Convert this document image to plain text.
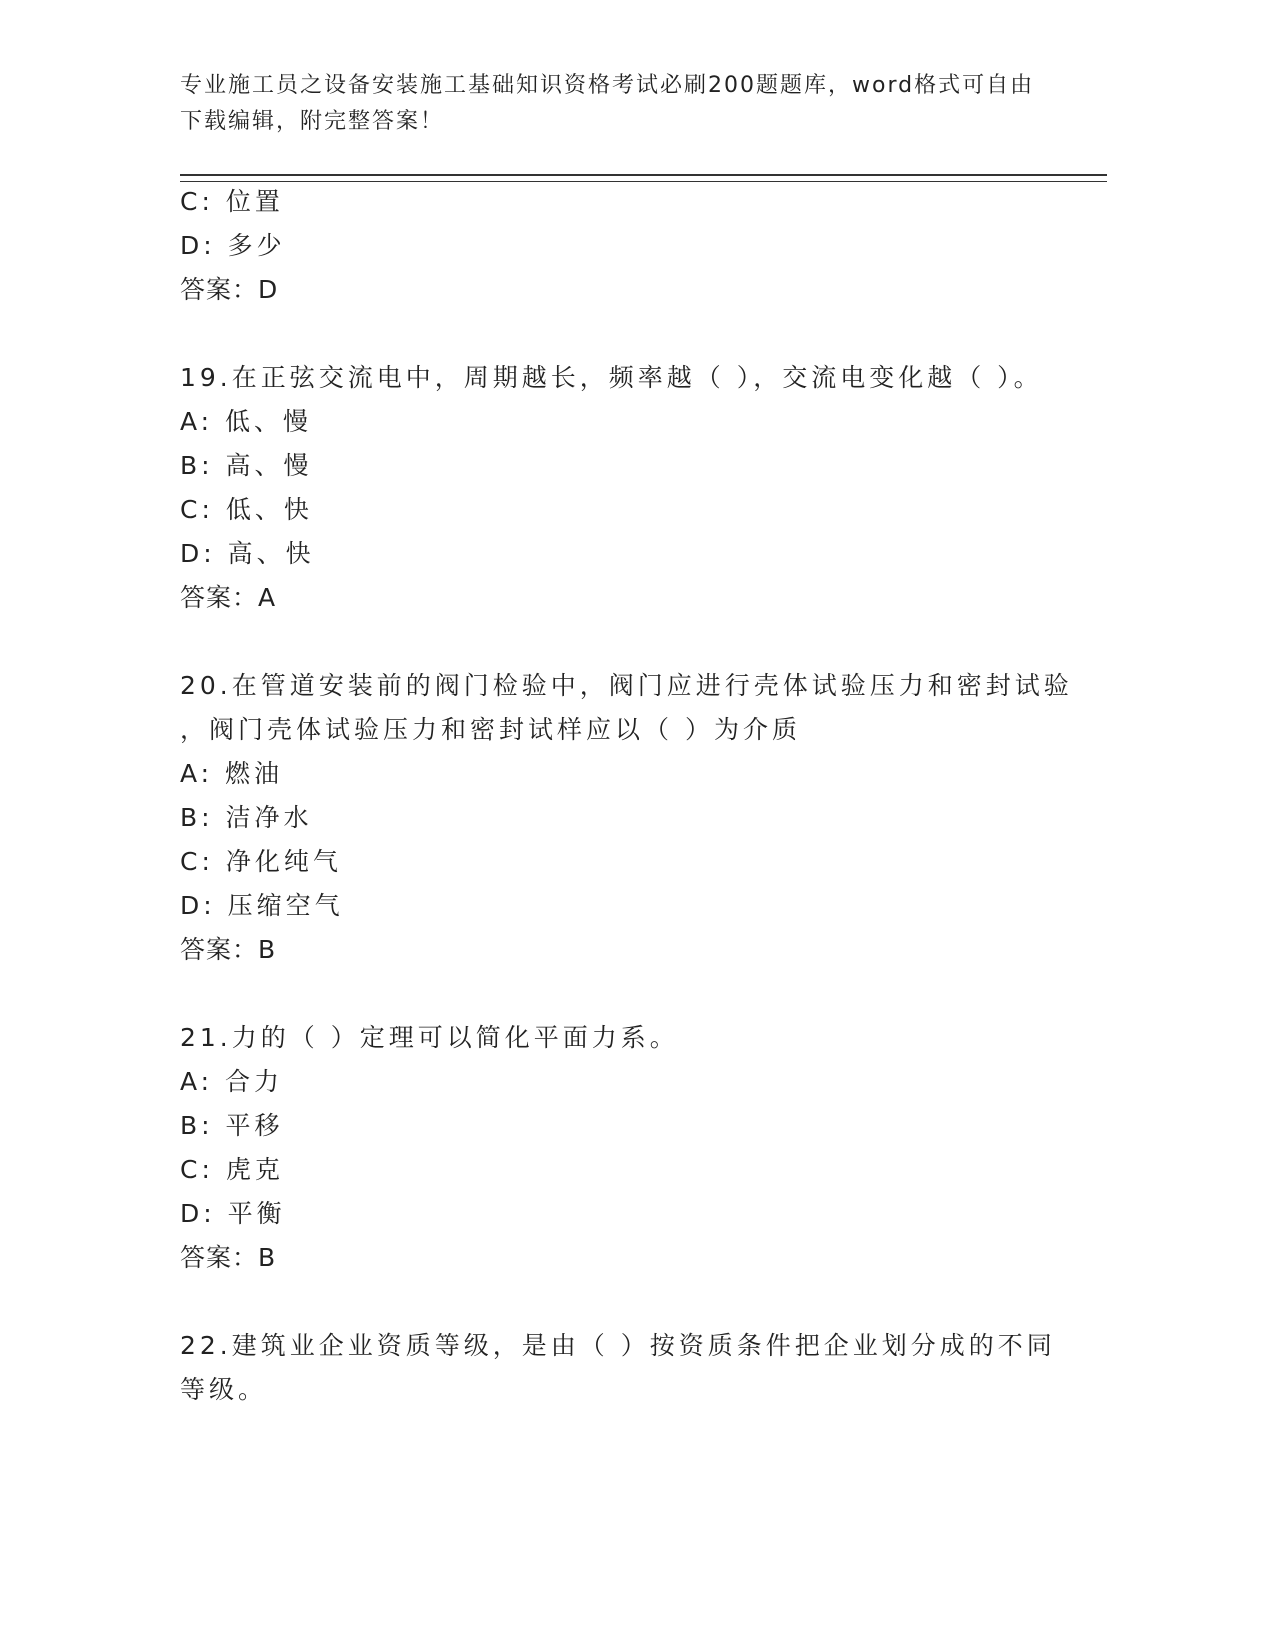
专业施工员之设备安装施工基础知识资格考试必刷200题题库，word格式可自由
下载编辑，附完整答案！
C: 位置
D: 多少
答案：D
19.在正弦交流电中，周期越长，频率越（ ），交流电变化越（ ）。
A: 低、慢
B: 高、慢
C: 低、快
D: 高、快
答案：A
20.在管道安装前的阀门检验中，阀门应进行壳体试验压力和密封试验
，阀门壳体试验压力和密封试样应以（ ）为介质
A: 燃油
B: 洁净水
C: 净化纯气
D: 压缩空气
答案：B
21.力的（ ）定理可以简化平面力系。
A: 合力
B: 平移
C: 虎克
D: 平衡
答案：B
22.建筑业企业资质等级，是由（ ）按资质条件把企业划分成的不同
等级。
